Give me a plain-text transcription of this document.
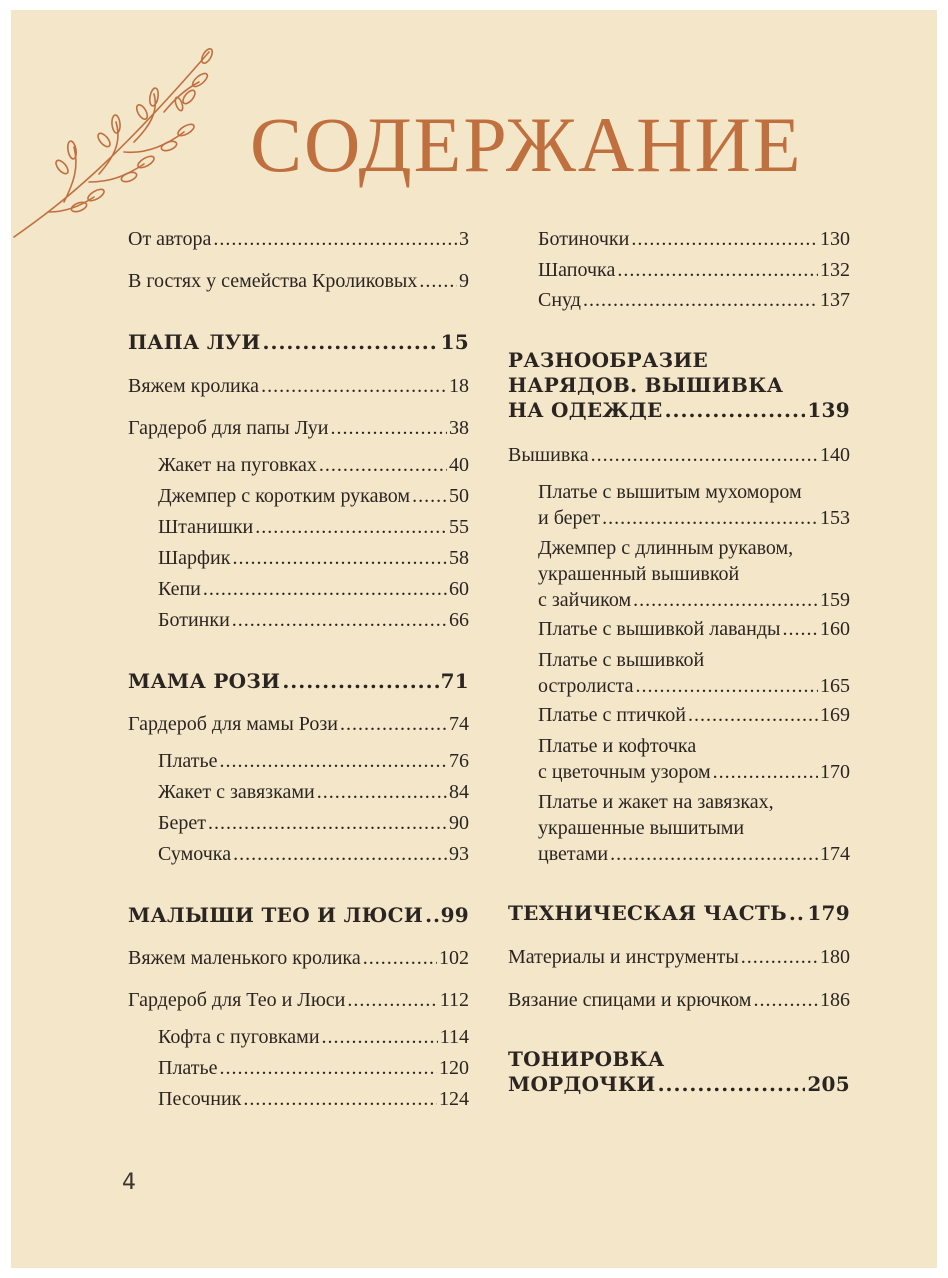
СОДЕРЖАНИЕ
От автора .....	3
В гостях у семейства Кроликовых ..... 9
ПАПА ЛУИ .....	15
Вяжем кролика .....	18
Гардероб для папы Луи .....	38
Жакет на пуговках .....	40
Джемпер с коротким рукавом ..... 50
Штанишки .....	55
Шарфик .....	58
Кепи .....	60
Ботинки .....	66
МАМА РОЗИ .....	71
Гардероб для мамы Рози .....	74
Платье .....	76
Жакет с завязками .....	84
Берет .....	90
Сумочка .....	93
МАЛЫШИ ТЕО И ЛЮСИ ..... 99
Вяжем маленького кролика .....	102
Гардероб для Тео и Люси .....	112
Кофта с пуговками .....	114
Платье .....	120
Песочник .....	124
Ботиночки .....	130
Шапочка .....	132
Снуд .....	137
РАЗНООБРАЗИЕ
НАРЯДОВ. ВЫШИВКА
НА ОДЕЖДЕ .....	139
Вышивка .....	140
Платье с вышитым мухомором
и берет .....	153
Джемпер с длинным рукавом,
украшенный вышивкой
с зайчиком .....	159
Платье с вышивкой лаванды ..... 160
Платье с вышивкой
остролиста .....	165
Платье с птичкой .....	169
Платье и кофточка
с цветочным узором .....	170
Платье и жакет на завязках,
украшенные вышитыми
цветами .....	174
ТЕХНИЧЕСКАЯ ЧАСТЬ ..... 179
Материалы и инструменты .....	180
Вязание спицами и крючком .....	186
ТОНИРОВКА
МОРДОЧКИ .....	205
4
